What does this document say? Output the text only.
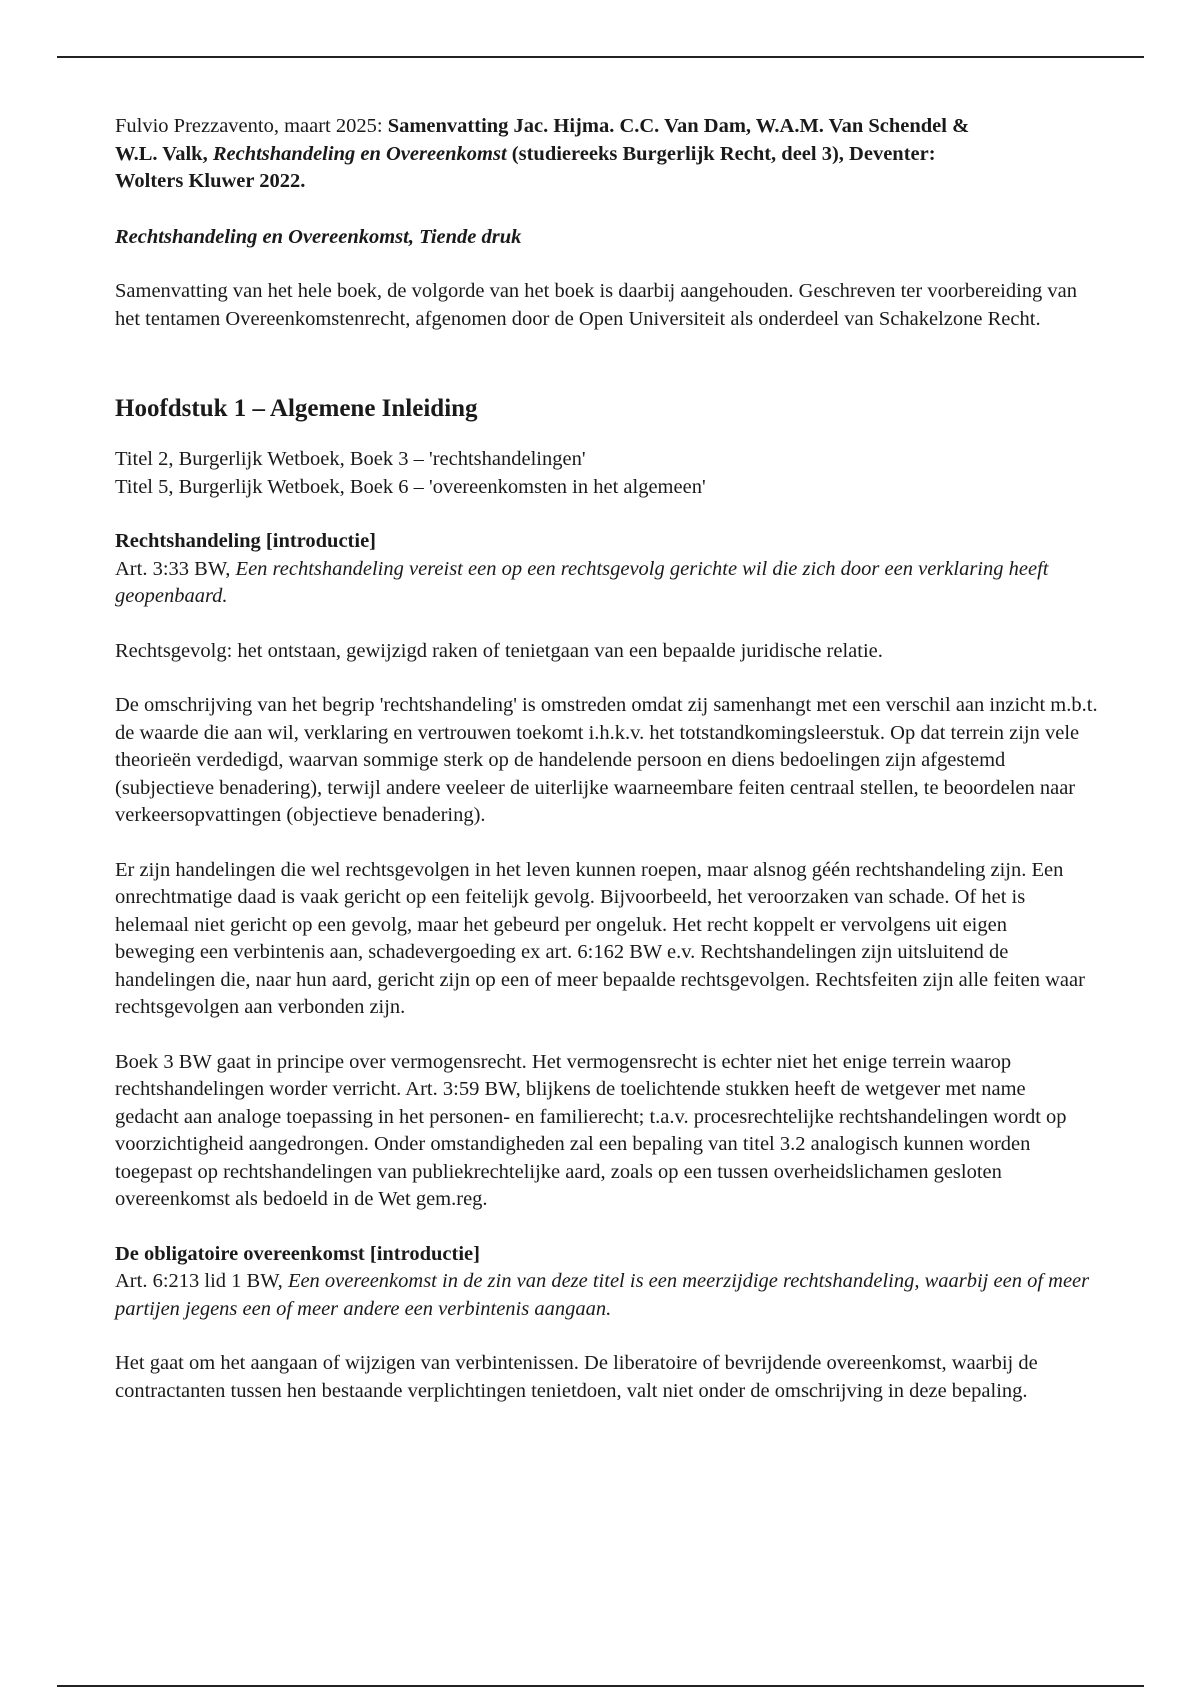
Fulvio Prezzavento, maart 2025: Samenvatting Jac. Hijma. C.C. Van Dam, W.A.M. Van Schendel & W.L. Valk, Rechtshandeling en Overeenkomst (studiereeks Burgerlijk Recht, deel 3), Deventer: Wolters Kluwer 2022.

Rechtshandeling en Overeenkomst, Tiende druk

Samenvatting van het hele boek, de volgorde van het boek is daarbij aangehouden. Geschreven ter voorbereiding van het tentamen Overeenkomstenrecht, afgenomen door de Open Universiteit als onderdeel van Schakelzone Recht.

Hoofdstuk 1 – Algemene Inleiding

Titel 2, Burgerlijk Wetboek, Boek 3 – 'rechtshandelingen'
Titel 5, Burgerlijk Wetboek, Boek 6 – 'overeenkomsten in het algemeen'

Rechtshandeling [introductie]
Art. 3:33 BW, Een rechtshandeling vereist een op een rechtsgevolg gerichte wil die zich door een verklaring heeft geopenbaard.

Rechtsgevolg: het ontstaan, gewijzigd raken of tenietgaan van een bepaalde juridische relatie.

De omschrijving van het begrip 'rechtshandeling' is omstreden omdat zij samenhangt met een verschil aan inzicht m.b.t. de waarde die aan wil, verklaring en vertrouwen toekomt i.h.k.v. het totstandkomingsleerstuk. Op dat terrein zijn vele theorieën verdedigd, waarvan sommige sterk op de handelende persoon en diens bedoelingen zijn afgestemd (subjectieve benadering), terwijl andere veeleer de uiterlijke waarneembare feiten centraal stellen, te beoordelen naar verkeersopvattingen (objectieve benadering).

Er zijn handelingen die wel rechtsgevolgen in het leven kunnen roepen, maar alsnog géén rechtshandeling zijn. Een onrechtmatige daad is vaak gericht op een feitelijk gevolg. Bijvoorbeeld, het veroorzaken van schade. Of het is helemaal niet gericht op een gevolg, maar het gebeurd per ongeluk. Het recht koppelt er vervolgens uit eigen beweging een verbintenis aan, schadevergoeding ex art. 6:162 BW e.v. Rechtshandelingen zijn uitsluitend de handelingen die, naar hun aard, gericht zijn op een of meer bepaalde rechtsgevolgen. Rechtsfeiten zijn alle feiten waar rechtsgevolgen aan verbonden zijn.

Boek 3 BW gaat in principe over vermogensrecht. Het vermogensrecht is echter niet het enige terrein waarop rechtshandelingen worder verricht. Art. 3:59 BW, blijkens de toelichtende stukken heeft de wetgever met name gedacht aan analoge toepassing in het personen- en familierecht; t.a.v. procesrechtelijke rechtshandelingen wordt op voorzichtigheid aangedrongen. Onder omstandigheden zal een bepaling van titel 3.2 analogisch kunnen worden toegepast op rechtshandelingen van publiekrechtelijke aard, zoals op een tussen overheidslichamen gesloten overeenkomst als bedoeld in de Wet gem.reg.

De obligatoire overeenkomst [introductie]
Art. 6:213 lid 1 BW, Een overeenkomst in de zin van deze titel is een meerzijdige rechtshandeling, waarbij een of meer partijen jegens een of meer andere een verbintenis aangaan.

Het gaat om het aangaan of wijzigen van verbintenissen. De liberatoire of bevrijdende overeenkomst, waarbij de contractanten tussen hen bestaande verplichtingen tenietdoen, valt niet onder de omschrijving in deze bepaling.
